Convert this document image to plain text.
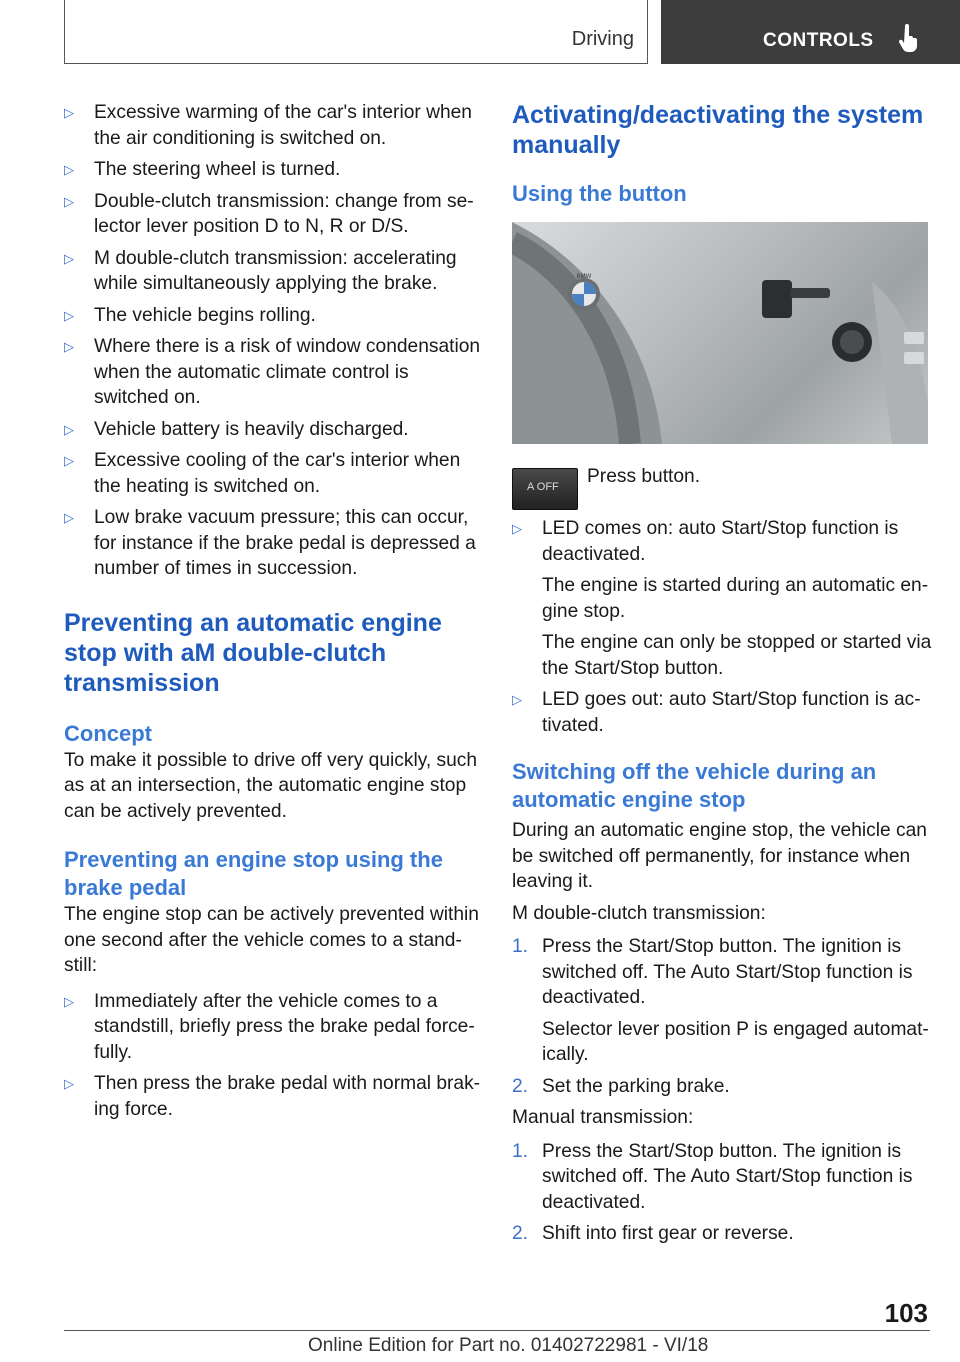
Driving	CONTROLS
▷ Excessive warming of the car's interior when the air conditioning is switched on.

▷ The steering wheel is turned.

▷ Double-clutch transmission: change from se‐lector lever position D to N, R or D/S.

▷ M double-clutch transmission: accelerating while simultaneously applying the brake.

▷ The vehicle begins rolling.

▷ Where there is a risk of window condensation when the automatic climate control is switched on.

▷ Vehicle battery is heavily discharged.

▷ Excessive cooling of the car's interior when the heating is switched on.

▷ Low brake vacuum pressure; this can occur, for instance if the brake pedal is depressed a number of times in succession.

Preventing an automatic engine stop with aM double-clutch transmission
Concept

To make it possible to drive off very quickly, such as at an intersection, the automatic engine stop can be actively prevented.

Preventing an engine stop using the brake pedal

The engine stop can be actively prevented within one second after the vehicle comes to a stand‐still:

▷ Immediately after the vehicle comes to a standstill, briefly press the brake pedal force‐fully.

▷ Then press the brake pedal with normal brak‐ing force.

Activating/deactivating the system manually
Using the button
BMW
A OFF Press button.

▷ LED comes on: auto Start/Stop function is deactivated.

The engine is started during an automatic en‐gine stop.

The engine can only be stopped or started via the Start/Stop button.

▷ LED goes out: auto Start/Stop function is ac‐tivated.

Switching off the vehicle during an automatic engine stop

During an automatic engine stop, the vehicle can be switched off permanently, for instance when leaving it.

M double-clutch transmission:

1. Press the Start/Stop button. The ignition is switched off. The Auto Start/Stop function is deactivated.

Selector lever position P is engaged automat‐ically.

2. Set the parking brake.

Manual transmission:

1. Press the Start/Stop button. The ignition is switched off. The Auto Start/Stop function is deactivated.

2. Shift into first gear or reverse.

103
Online Edition for Part no. 01402722981 - VI/18
